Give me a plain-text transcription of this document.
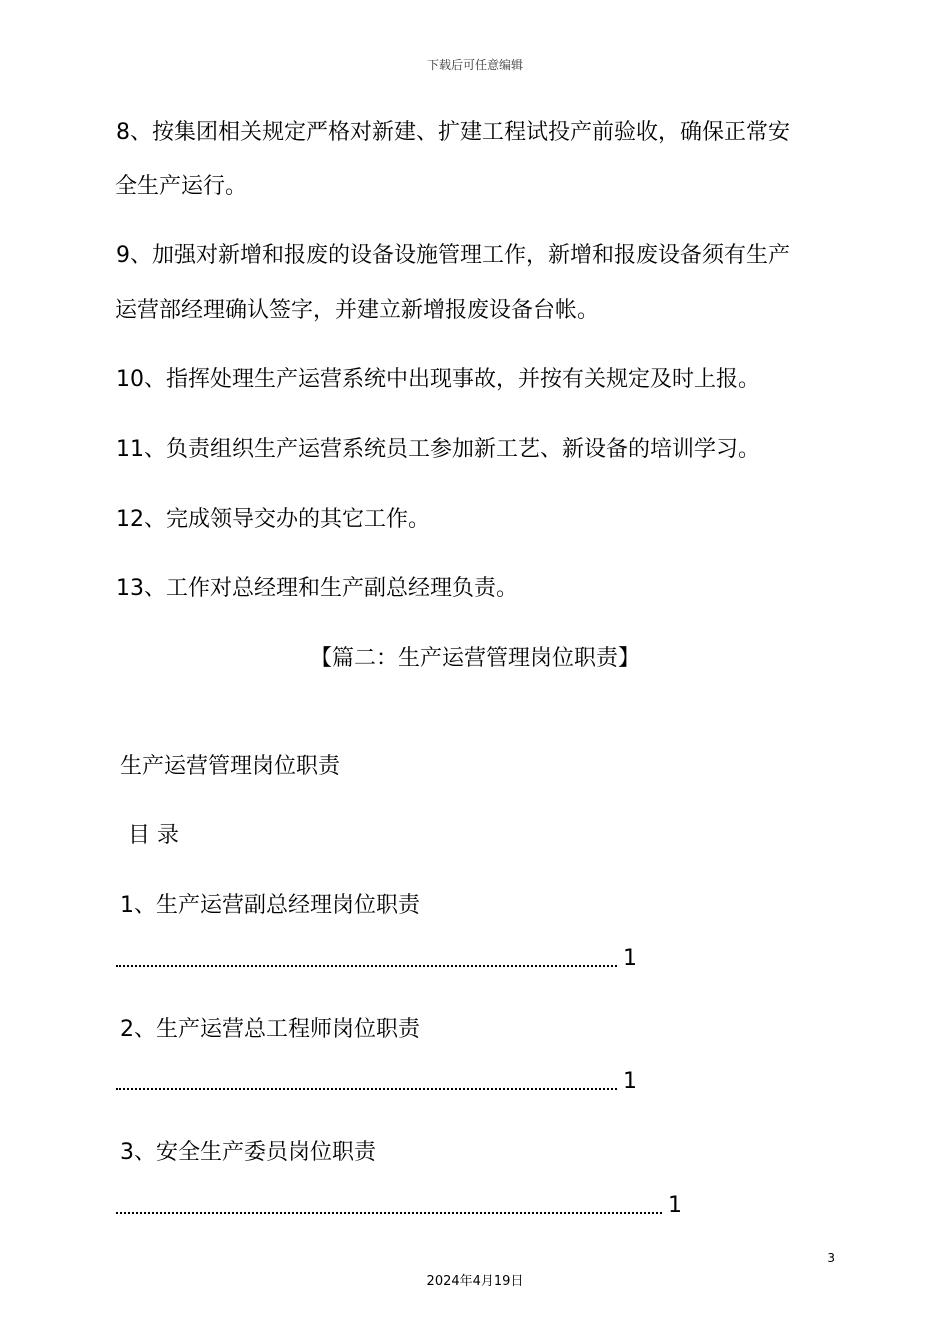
下载后可任意编辑
8、按集团相关规定严格对新建、扩建工程试投产前验收，确保正常安
全生产运行。
9、加强对新增和报废的设备设施管理工作，新增和报废设备须有生产
运营部经理确认签字，并建立新增报废设备台帐。
10、指挥处理生产运营系统中出现事故，并按有关规定及时上报。
11、负责组织生产运营系统员工参加新工艺、新设备的培训学习。
12、完成领导交办的其它工作。
13、工作对总经理和生产副总经理负责。
【篇二：生产运营管理岗位职责】
生产运营管理岗位职责
目 录
1、生产运营副总经理岗位职责
1
2、生产运营总工程师岗位职责
1
3、安全生产委员岗位职责
1
3
2024年4月19日
